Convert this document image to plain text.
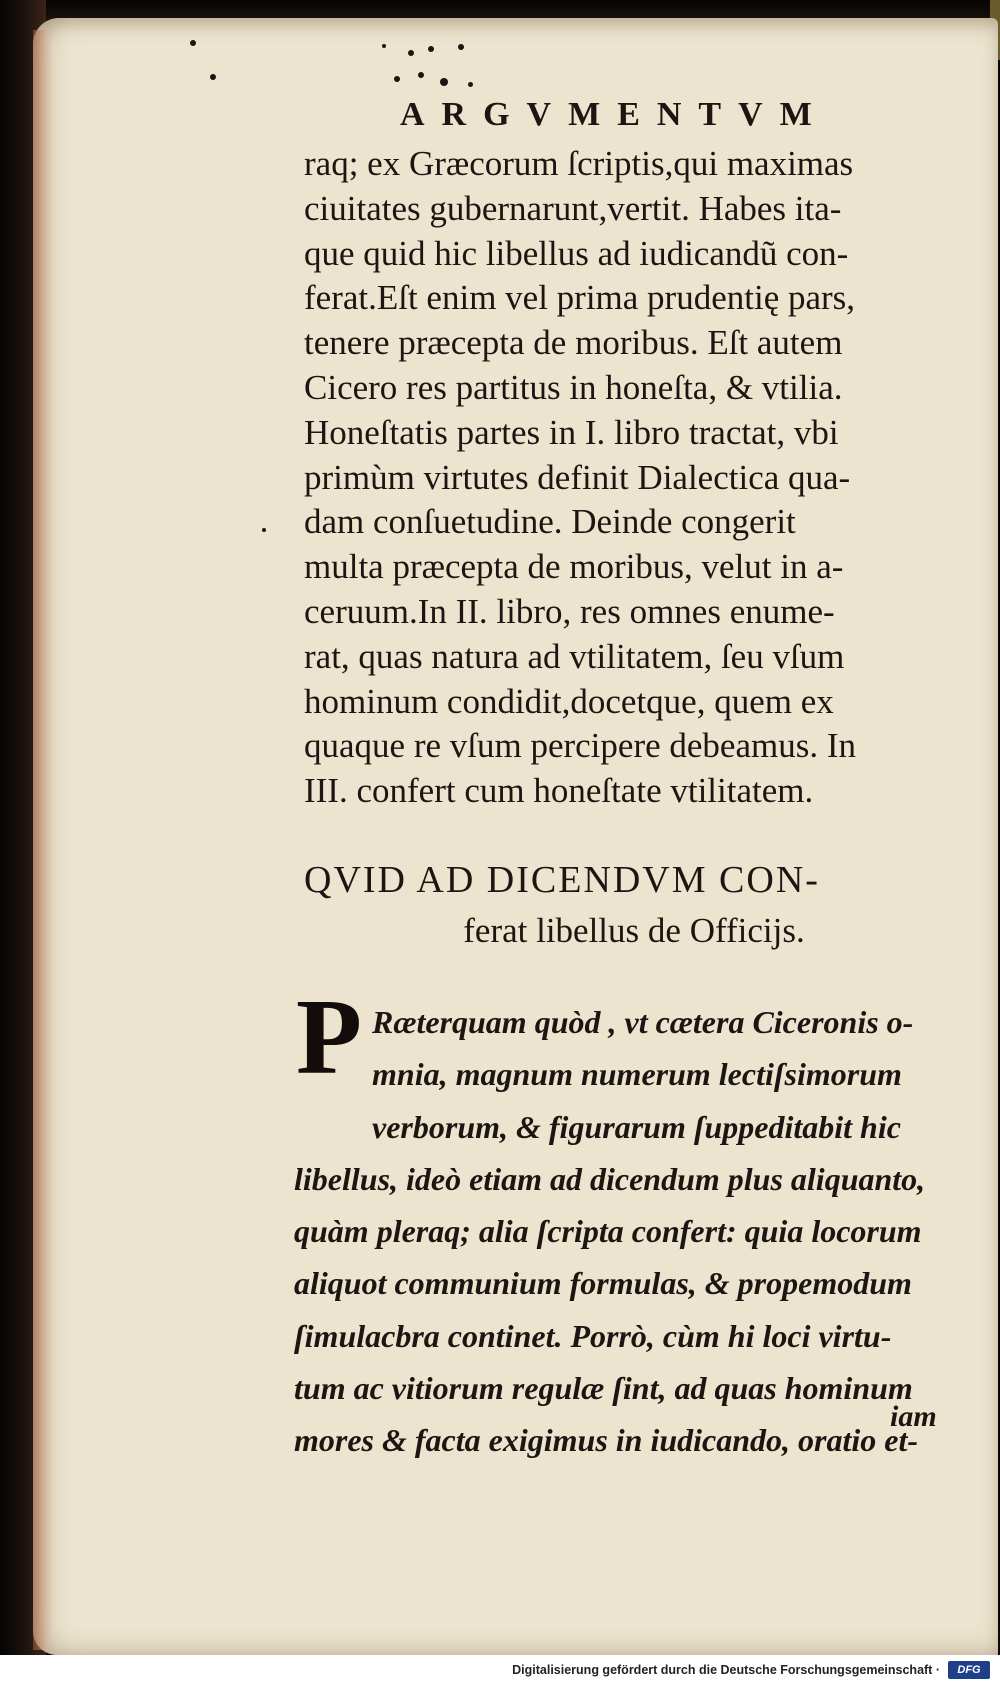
ARGVMENTVM
raq; ex Græcorum ſcriptis,qui maximas
ciuitates gubernarunt,vertit. Habes ita-
que quid hic libellus ad iudicandũ con-
ferat.Eſt enim vel prima prudentię pars,
tenere præcepta de moribus. Eſt autem
Cicero res partitus in honeſta, & vtilia.
Honeſtatis partes in I. libro tractat, vbi
primùm virtutes definit Dialectica qua-
dam conſuetudine. Deinde congerit
multa præcepta de moribus, velut in a-
ceruum.In II. libro, res omnes enume-
rat, quas natura ad vtilitatem, ſeu vſum
hominum condidit,docetque, quem ex
quaque re vſum percipere debeamus. In
III. confert cum honeſtate vtilitatem.
QVID AD DICENDVM CON-
ferat libellus de Officijs.
P Ræterquam quòd , vt cætera Ciceronis o-
mnia, magnum numerum lectiſsimorum
verborum, & figurarum ſuppeditabit hic
libellus, ideò etiam ad dicendum plus aliquanto,
quàm pleraq; alia ſcripta confert: quia locorum
aliquot communium formulas, & propemodum
ſimulacbra continet. Porrò, cùm hi loci virtu-
tum ac vitiorum regulæ ſint, ad quas hominum
mores & facta exigimus in iudicando, oratio et-
iam
Digitalisierung gefördert durch die Deutsche Forschungsgemeinschaft ·	DFG
